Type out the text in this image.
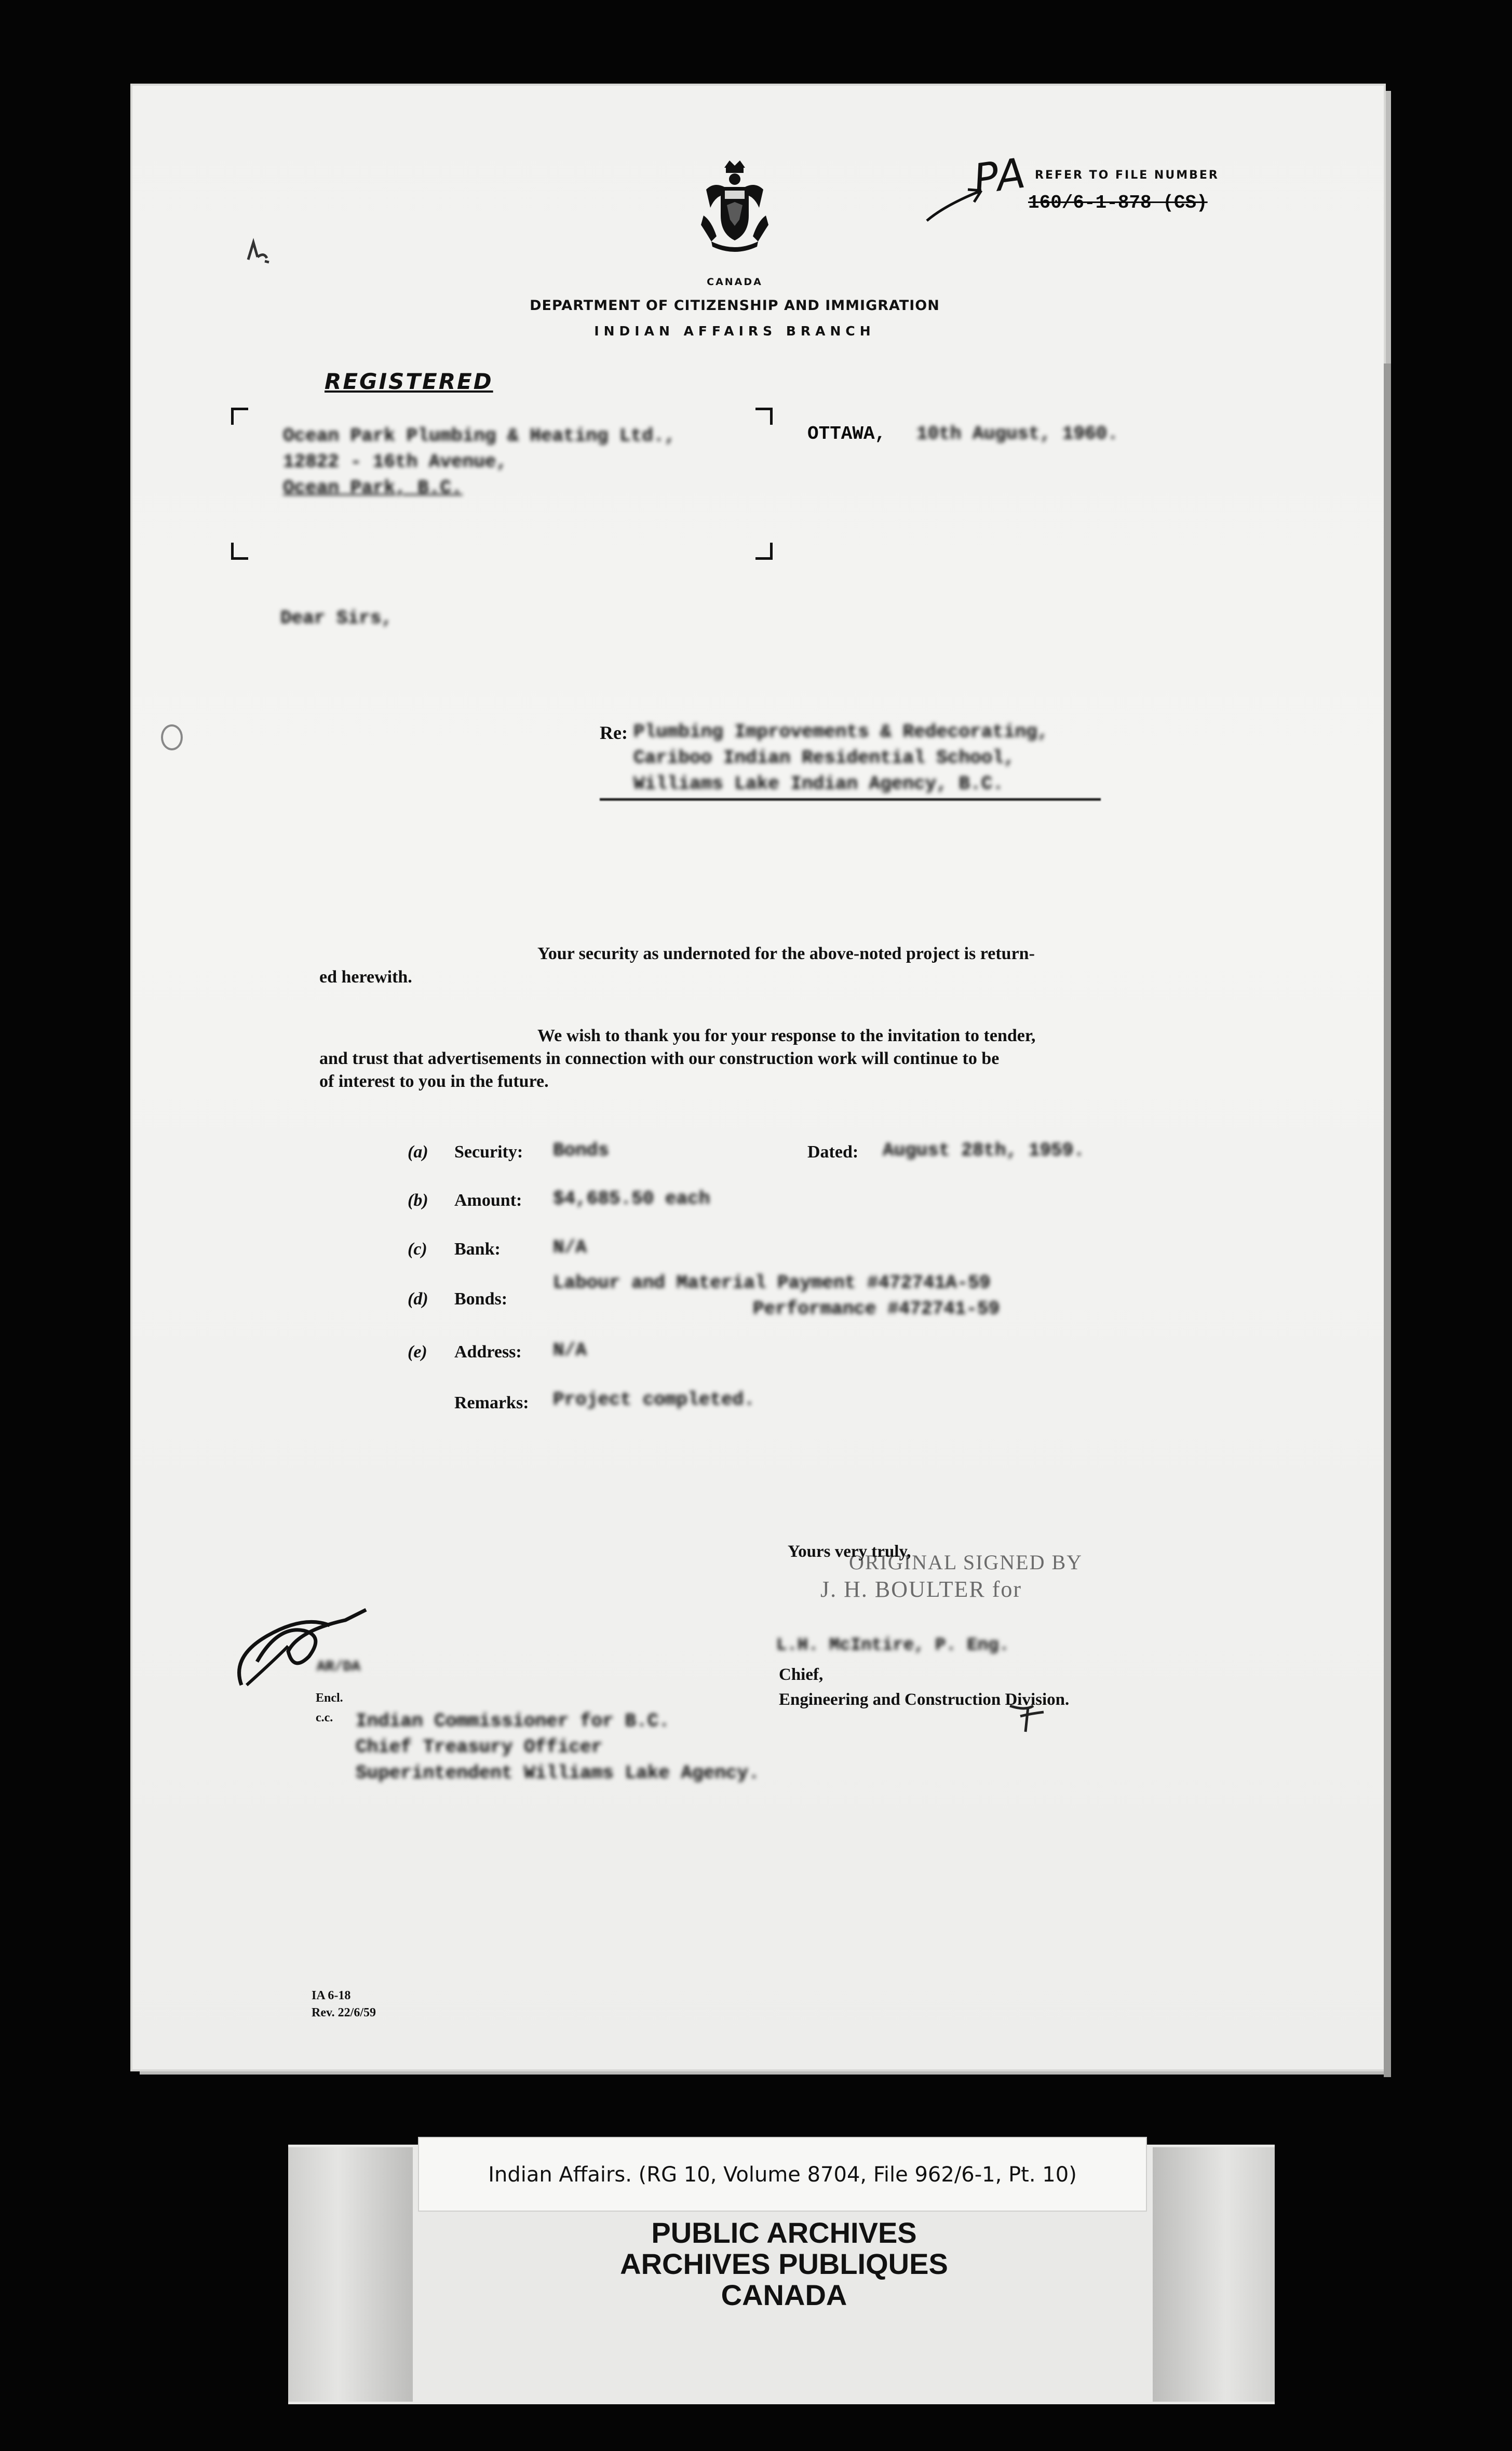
CANADA
DEPARTMENT OF CITIZENSHIP AND IMMIGRATION
INDIAN AFFAIRS BRANCH
PA REFER TO FILE NUMBER
160/6-1-878 (CS)
REGISTERED
Ocean Park Plumbing & Heating Ltd.,
12822 - 16th Avenue,
Ocean Park, B.C.
OTTAWA, 10th August, 1960.
Dear Sirs,
Re: Plumbing Improvements & Redecorating,
Cariboo Indian Residential School,
Williams Lake Indian Agency, B.C.
Your security as undernoted for the above-noted project is return-
ed herewith.
We wish to thank you for your response to the invitation to tender,
and trust that advertisements in connection with our construction work will continue to be
of interest to you in the future.
(a) Security: Bonds	Dated: August 28th, 1959.
(b) Amount: $4,685.50 each
(c) Bank:	N/A
(d) Bonds:
Labour and Material Payment #472741A-59
Performance #472741-59
(e) Address: N/A
Remarks: Project completed.
ORIGINAL SIGNED BY
J. H. BOULTER for
Yours very truly,
L.H. McIntire, P. Eng.
Chief,
Engineering and Construction Division.
AR/DA
Encl.
c.c. Indian Commissioner for B.C.
Chief Treasury Officer
Superintendent Williams Lake Agency.
IA 6-18
Rev. 22/6/59
Indian Affairs. (RG 10, Volume 8704, File 962/6-1, Pt. 10)
PUBLIC ARCHIVES
ARCHIVES PUBLIQUES
CANADA
